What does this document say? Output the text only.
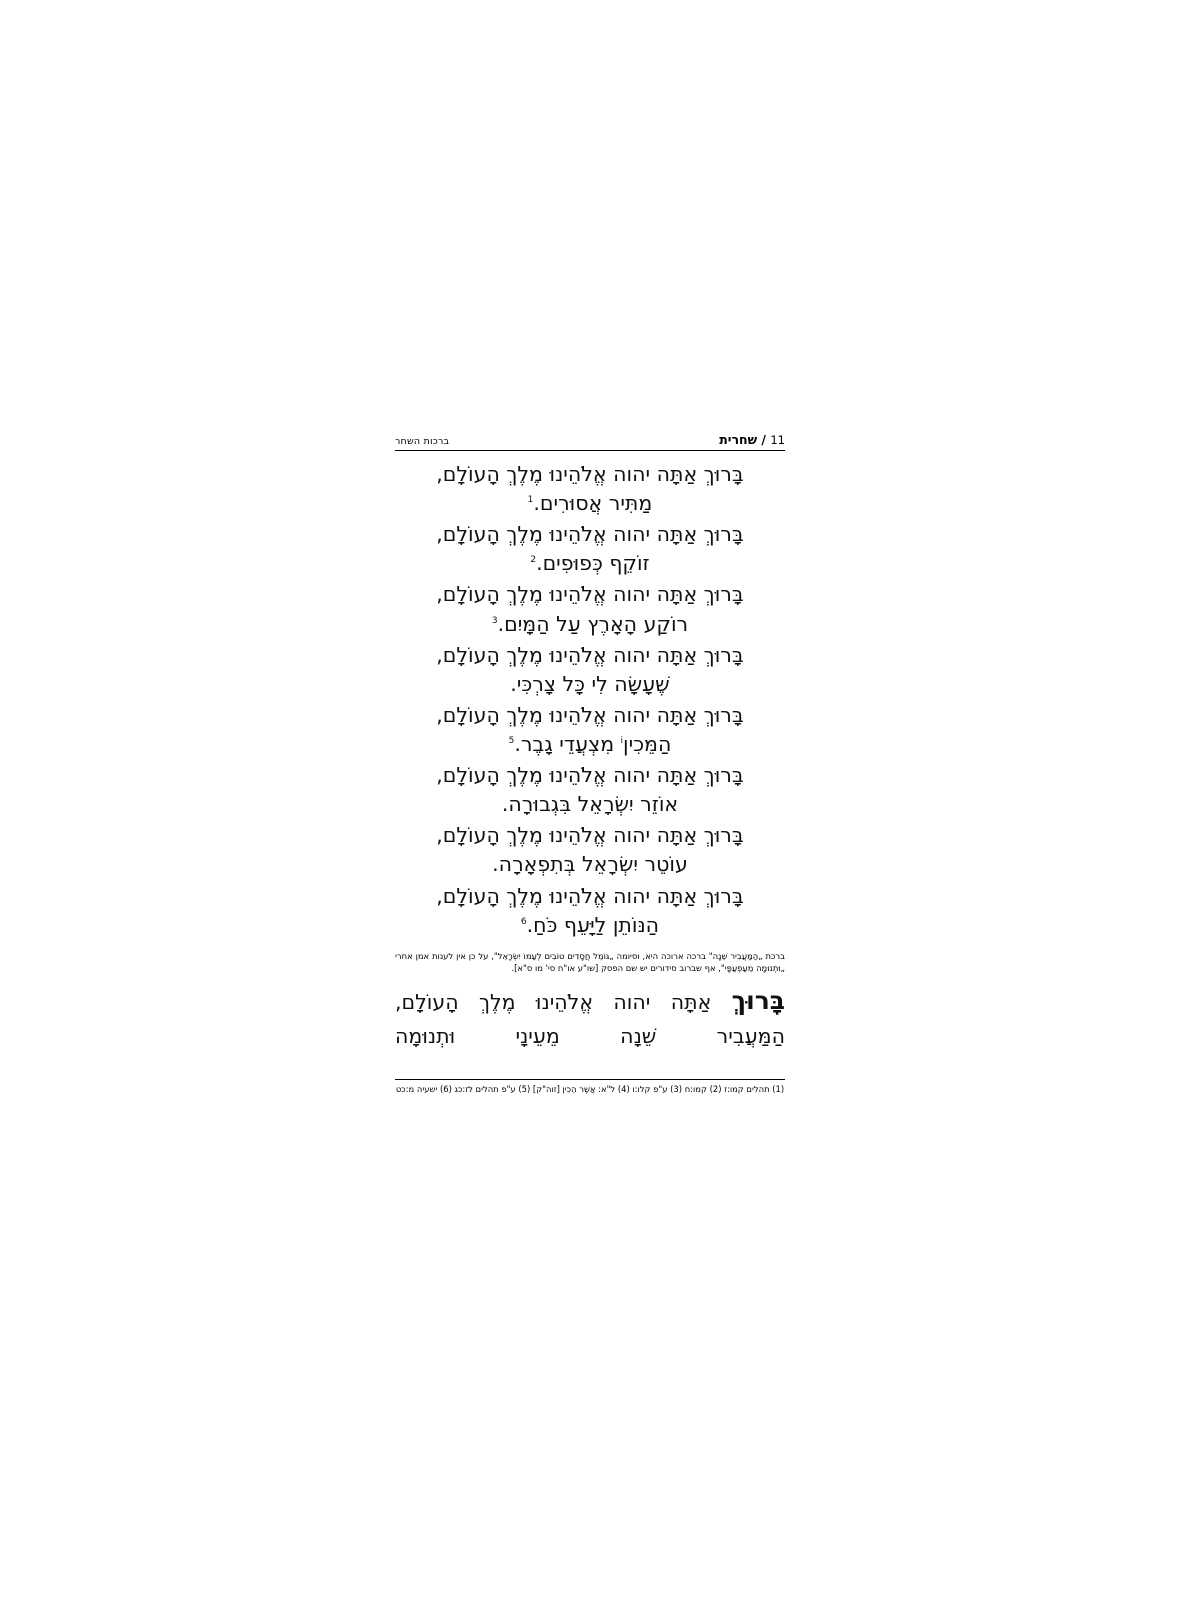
ברכות השחר	11 / שחרית
בָּרוּךְ אַתָּה יהוה אֱלֹהֵינוּ מֶלֶךְ הָעוֹלָם,
מַתִּיר אֲסוּרִים.$^1$
בָּרוּךְ אַתָּה יהוה אֱלֹהֵינוּ מֶלֶךְ הָעוֹלָם,
זוֹקֵף כְּפוּפִים.$^2$
בָּרוּךְ אַתָּה יהוה אֱלֹהֵינוּ מֶלֶךְ הָעוֹלָם,
רוֹקַע הָאָרֶץ עַל הַמָּיִם.$^3$
בָּרוּךְ אַתָּה יהוה אֱלֹהֵינוּ מֶלֶךְ הָעוֹלָם,
שֶׁעָשָׂה לִי כָּל צָרְכִּי.
בָּרוּךְ אַתָּה יהוה אֱלֹהֵינוּ מֶלֶךְ הָעוֹלָם,
הַמֵּכִין$^i$ מִצְעֲדֵי גָבֶר.$^5$
בָּרוּךְ אַתָּה יהוה אֱלֹהֵינוּ מֶלֶךְ הָעוֹלָם,
אוֹזֵר יִשְׂרָאֵל בִּגְבוּרָה.
בָּרוּךְ אַתָּה יהוה אֱלֹהֵינוּ מֶלֶךְ הָעוֹלָם,
עוֹטֵר יִשְׂרָאֵל בְּתִפְאָרָה.
בָּרוּךְ אַתָּה יהוה אֱלֹהֵינוּ מֶלֶךְ הָעוֹלָם,
הַנּוֹתֵן לַיָּעֵף כֹּחַ.$^6$
ברכת „הַמַּעֲבִיר שֵׁנָה" ברכה ארוכה היא, וסיומה „גּוֹמֵל חֲסָדִים טוֹבִים לְעַמּוֹ יִשְׂרָאֵל", על כן אין לענות אמן אחרי „וּתְנוּמָה מֵעַפְעַפָּי", אף שברוב סידורים יש שם הפסק [שו"ע או"ח סי' מו ס"א].
בָּרוּךְ אַתָּה יהוה אֱלֹהֵינוּ מֶלֶךְ הָעוֹלָם,
הַמַּעֲבִיר שֵׁנָה מֵעֵינָי וּתְנוּמָה
(1) תהלים קמו:ז (2) קמו:ח (3) ע"פ קלו:ו (4) ל"א: אֲשֶׁר הֵכִין [זוה"ק] (5) ע"פ תהלים לז:כג (6) ישעיה מ:כט
